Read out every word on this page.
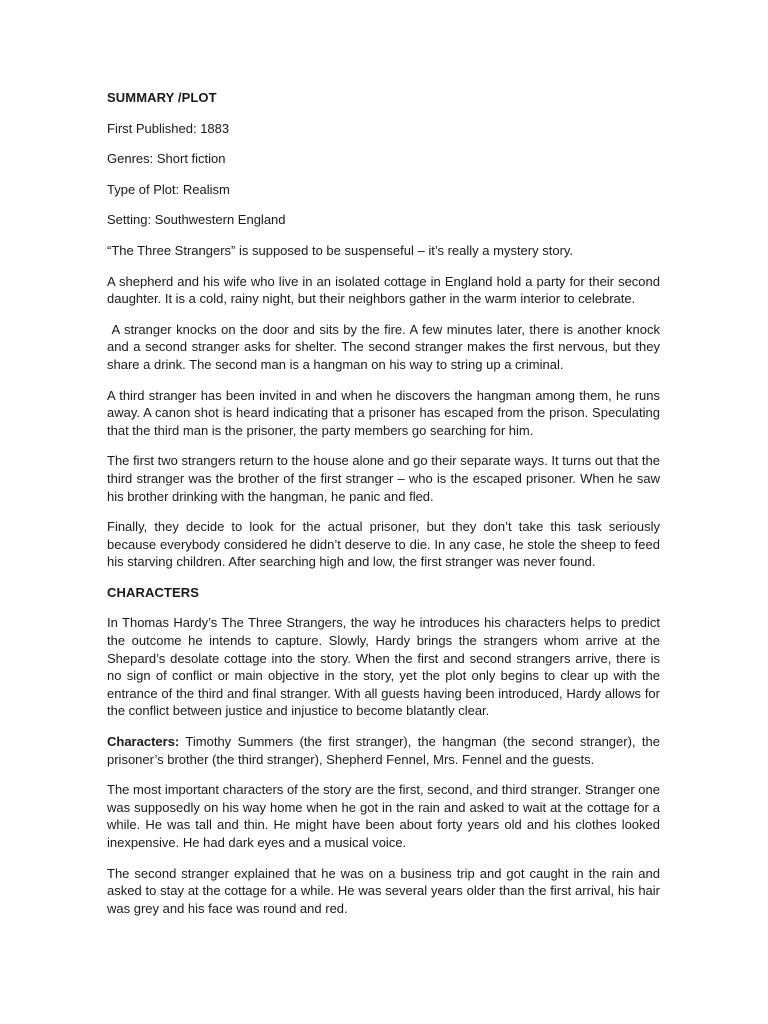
SUMMARY /PLOT
First Published: 1883
Genres: Short fiction
Type of Plot: Realism
Setting: Southwestern England

“The Three Strangers” is supposed to be suspenseful – it’s really a mystery story.

A shepherd and his wife who live in an isolated cottage in England hold a party for their second daughter. It is a cold, rainy night, but their neighbors gather in the warm interior to celebrate.

A stranger knocks on the door and sits by the fire. A few minutes later, there is another knock and a second stranger asks for shelter. The second stranger makes the first nervous, but they share a drink. The second man is a hangman on his way to string up a criminal.

A third stranger has been invited in and when he discovers the hangman among them, he runs away. A canon shot is heard indicating that a prisoner has escaped from the prison. Speculating that the third man is the prisoner, the party members go searching for him.

The first two strangers return to the house alone and go their separate ways. It turns out that the third stranger was the brother of the first stranger – who is the escaped prisoner. When he saw his brother drinking with the hangman, he panic and fled.

Finally, they decide to look for the actual prisoner, but they don’t take this task seriously because everybody considered he didn’t deserve to die. In any case, he stole the sheep to feed his starving children. After searching high and low, the first stranger was never found.

CHARACTERS

In Thomas Hardy’s The Three Strangers, the way he introduces his characters helps to predict the outcome he intends to capture. Slowly, Hardy brings the strangers whom arrive at the Shepard’s desolate cottage into the story. When the first and second strangers arrive, there is no sign of conflict or main objective in the story, yet the plot only begins to clear up with the entrance of the third and final stranger. With all guests having been introduced, Hardy allows for the conflict between justice and injustice to become blatantly clear.

Characters: Timothy Summers (the first stranger), the hangman (the second stranger), the prisoner’s brother (the third stranger), Shepherd Fennel, Mrs. Fennel and the guests.

The most important characters of the story are the first, second, and third stranger. Stranger one was supposedly on his way home when he got in the rain and asked to wait at the cottage for a while. He was tall and thin. He might have been about forty years old and his clothes looked inexpensive. He had dark eyes and a musical voice.

The second stranger explained that he was on a business trip and got caught in the rain and asked to stay at the cottage for a while. He was several years older than the first arrival, his hair was grey and his face was round and red.
